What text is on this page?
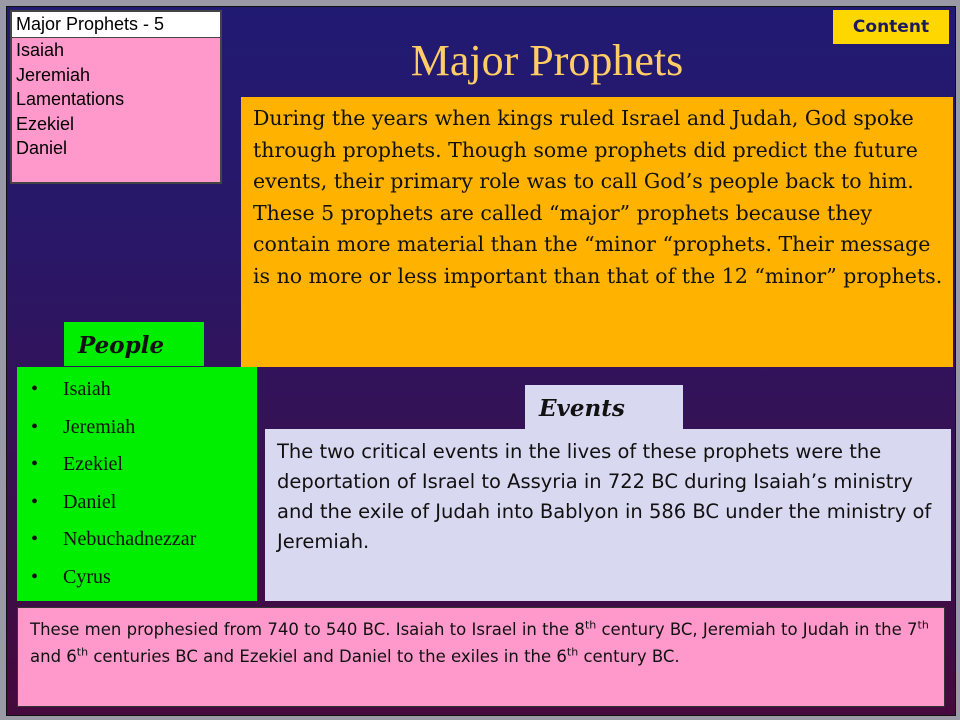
Major Prophets - 5
Isaiah
Jeremiah
Lamentations
Ezekiel
Daniel
Content
Major Prophets
During the years when kings ruled Israel and Judah, God spoke through prophets. Though some prophets did predict the future events, their primary role was to call God’s people back to him. These 5 prophets are called “major” prophets because they contain more material than the “minor “prophets. Their message is no more or less important than that of the 12 “minor” prophets.
People
• Isaiah
• Jeremiah
• Ezekiel
• Daniel
• Nebuchadnezzar
• Cyrus
Events
The two critical events in the lives of these prophets were the deportation of Israel to Assyria in 722 BC during Isaiah’s ministry and the exile of Judah into Bablyon in 586 BC under the ministry of Jeremiah.
These men prophesied from 740 to 540 BC. Isaiah to Israel in the 8th century BC, Jeremiah to Judah in the 7th and 6th centuries BC and Ezekiel and Daniel to the exiles in the 6th century BC.
